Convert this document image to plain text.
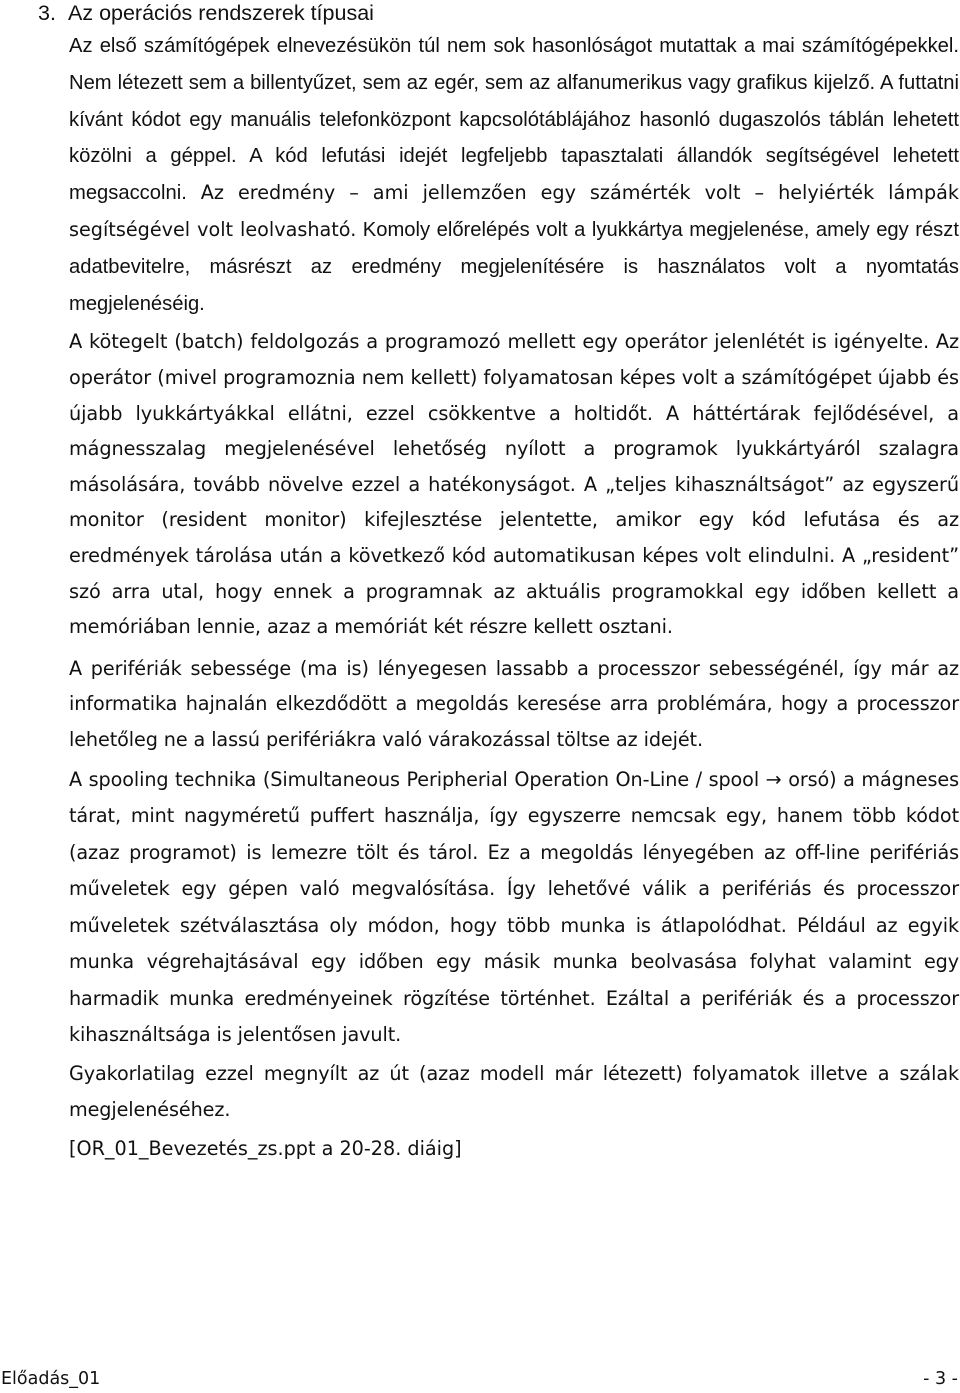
3. Az operációs rendszerek típusai

Az első számítógépek elnevezésükön túl nem sok hasonlóságot mutattak a mai számítógépekkel. Nem létezett sem a billentyűzet, sem az egér, sem az alfanumerikus vagy grafikus kijelző. A futtatni kívánt kódot egy manuális telefonközpont kapcsolótáblájához hasonló dugaszolós táblán lehetett közölni a géppel. A kód lefutási idejét legfeljebb tapasztalati állandók segítségével lehetett megsaccolni. Az eredmény – ami jellemzően egy számérték volt – helyiérték lámpák segítségével volt leolvasható. Komoly előrelépés volt a lyukkártya megjelenése, amely egy részt adatbevitelre, másrészt az eredmény megjelenítésére is használatos volt a nyomtatás megjelenéséig.

A kötegelt (batch) feldolgozás a programozó mellett egy operátor jelenlétét is igényelte. Az operátor (mivel programoznia nem kellett) folyamatosan képes volt a számítógépet újabb és újabb lyukkártyákkal ellátni, ezzel csökkentve a holtidőt. A háttértárak fejlődésével, a mágnesszalag megjelenésével lehetőség nyílott a programok lyukkártyáról szalagra másolására, tovább növelve ezzel a hatékonyságot. A „teljes kihasználtságot” az egyszerű monitor (resident monitor) kifejlesztése jelentette, amikor egy kód lefutása és az eredmények tárolása után a következő kód automatikusan képes volt elindulni. A „resident” szó arra utal, hogy ennek a programnak az aktuális programokkal egy időben kellett a memóriában lennie, azaz a memóriát két részre kellett osztani.

A perifériák sebessége (ma is) lényegesen lassabb a processzor sebességénél, így már az informatika hajnalán elkezdődött a megoldás keresése arra problémára, hogy a processzor lehetőleg ne a lassú perifériákra való várakozással töltse az idejét.

A spooling technika (Simultaneous Peripherial Operation On-Line / spool → orsó) a mágneses tárat, mint nagyméretű puffert használja, így egyszerre nemcsak egy, hanem több kódot (azaz programot) is lemezre tölt és tárol. Ez a megoldás lényegében az off-line perifériás műveletek egy gépen való megvalósítása. Így lehetővé válik a perifériás és processzor műveletek szétválasztása oly módon, hogy több munka is átlapolódhat. Például az egyik munka végrehajtásával egy időben egy másik munka beolvasása folyhat valamint egy harmadik munka eredményeinek rögzítése történhet. Ezáltal a perifériák és a processzor kihasználtsága is jelentősen javult.

Gyakorlatilag ezzel megnyílt az út (azaz modell már létezett) folyamatok illetve a szálak megjelenéséhez.

[OR_01_Bevezetés_zs.ppt a 20-28. diáig]

Előadás_01	- 3 -
